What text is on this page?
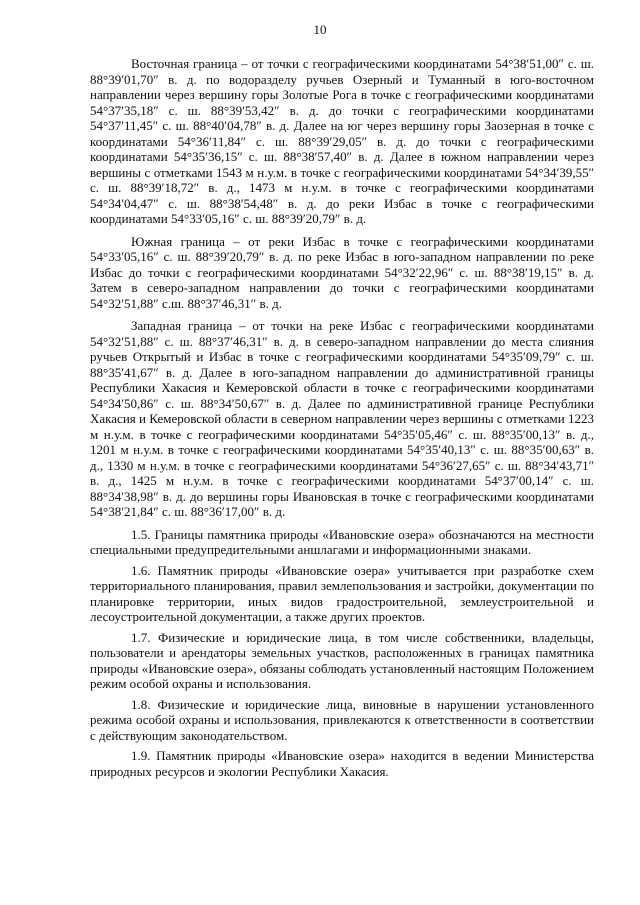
10

Восточная граница – от точки с географическими координатами 54°38′51,00″ с. ш. 88°39′01,70″ в. д. по водоразделу ручьев Озерный и Туманный в юго-восточном направлении через вершину горы Золотые Рога в точке с географическими координатами 54°37′35,18″ с. ш. 88°39′53,42″ в. д. до точки с географическими координатами 54°37′11,45″ с. ш. 88°40′04,78″ в. д. Далее на юг через вершину горы Заозерная в точке с координатами 54°36′11,84″ с. ш. 88°39′29,05″ в. д. до точки с географическими координатами 54°35′36,15″ с. ш. 88°38′57,40″ в. д. Далее в южном направлении через вершины с отметками 1543 м н.у.м. в точке с географическими координатами 54°34′39,55″ с. ш. 88°39′18,72″ в. д., 1473 м н.у.м. в точке с географическими координатами 54°34′04,47″ с. ш. 88°38′54,48″ в. д. до реки Избас в точке с географическими координатами 54°33′05,16″ с. ш. 88°39′20,79″ в. д.

Южная граница – от реки Избас в точке с географическими координатами 54°33′05,16″ с. ш. 88°39′20,79″ в. д. по реке Избас в юго-западном направлении по реке Избас до точки с географическими координатами 54°32′22,96″ с. ш. 88°38′19,15″ в. д. Затем в северо-западном направлении до точки с географическими координатами 54°32′51,88″ с.ш. 88°37′46,31″ в. д.

Западная граница – от точки на реке Избас с географическими координатами 54°32′51,88″ с. ш. 88°37′46,31″ в. д. в северо-западном направлении до места слияния ручьев Открытый и Избас в точке с географическими координатами 54°35′09,79″ с. ш. 88°35′41,67″ в. д. Далее в юго-западном направлении до административной границы Республики Хакасия и Кемеровской области в точке с географическими координатами 54°34′50,86″ с. ш. 88°34′50,67″ в. д. Далее по административной границе Республики Хакасия и Кемеровской области в северном направлении через вершины с отметками 1223 м н.у.м. в точке с географическими координатами 54°35′05,46″ с. ш. 88°35′00,13″ в. д., 1201 м н.у.м. в точке с географическими координатами 54°35′40,13″ с. ш. 88°35′00,63″ в. д., 1330 м н.у.м. в точке с географическими координатами 54°36′27,65″ с. ш. 88°34′43,71″ в. д., 1425 м н.у.м. в точке с географическими координатами 54°37′00,14″ с. ш. 88°34′38,98″ в. д. до вершины горы Ивановская в точке с географическими координатами 54°38′21,84″ с. ш. 88°36′17,00″ в. д.

1.5. Границы памятника природы «Ивановские озера» обозначаются на местности специальными предупредительными аншлагами и информационными знаками.

1.6. Памятник природы «Ивановские озера» учитывается при разработке схем территориального планирования, правил землепользования и застройки, документации по планировке территории, иных видов градостроительной, землеустроительной и лесоустроительной документации, а также других проектов.

1.7. Физические и юридические лица, в том числе собственники, владельцы, пользователи и арендаторы земельных участков, расположенных в границах памятника природы «Ивановские озера», обязаны соблюдать установленный настоящим Положением режим особой охраны и использования.

1.8. Физические и юридические лица, виновные в нарушении установленного режима особой охраны и использования, привлекаются к ответственности в соответствии с действующим законодательством.

1.9. Памятник природы «Ивановские озера» находится в ведении Министерства природных ресурсов и экологии Республики Хакасия.
